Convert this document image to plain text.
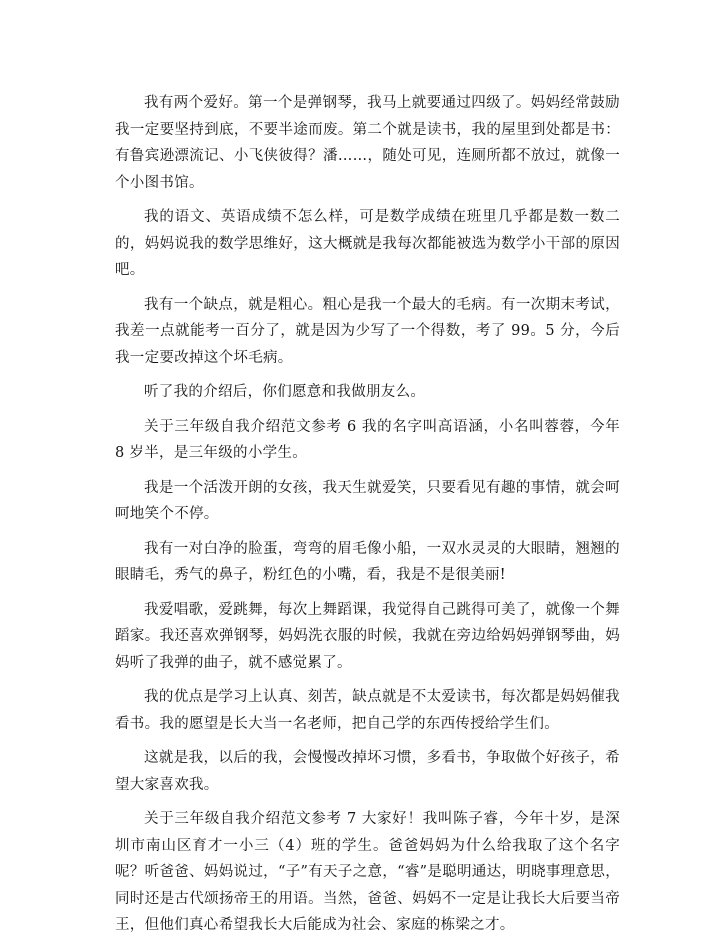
我有两个爱好。第一个是弹钢琴，我马上就要通过四级了。妈妈经常鼓励我一定要坚持到底，不要半途而废。第二个就是读书，我的屋里到处都是书：有鲁宾逊漂流记、小飞侠彼得？潘……，随处可见，连厕所都不放过，就像一个小图书馆。

我的语文、英语成绩不怎么样，可是数学成绩在班里几乎都是数一数二的，妈妈说我的数学思维好，这大概就是我每次都能被选为数学小干部的原因吧。

我有一个缺点，就是粗心。粗心是我一个最大的毛病。有一次期末考试，我差一点就能考一百分了，就是因为少写了一个得数，考了 99。5 分，今后我一定要改掉这个坏毛病。

听了我的介绍后，你们愿意和我做朋友么。

关于三年级自我介绍范文参考 6 我的名字叫高语涵，小名叫蓉蓉，今年 8 岁半，是三年级的小学生。

我是一个活泼开朗的女孩，我天生就爱笑，只要看见有趣的事情，就会呵呵地笑个不停。

我有一对白净的脸蛋，弯弯的眉毛像小船，一双水灵灵的大眼睛，翘翘的眼睛毛，秀气的鼻子，粉红色的小嘴，看，我是不是很美丽!

我爱唱歌，爱跳舞，每次上舞蹈课，我觉得自己跳得可美了，就像一个舞蹈家。我还喜欢弹钢琴，妈妈洗衣服的时候，我就在旁边给妈妈弹钢琴曲，妈妈听了我弹的曲子，就不感觉累了。

我的优点是学习上认真、刻苦，缺点就是不太爱读书，每次都是妈妈催我看书。我的愿望是长大当一名老师，把自己学的东西传授给学生们。

这就是我，以后的我，会慢慢改掉坏习惯，多看书，争取做个好孩子，希望大家喜欢我。

关于三年级自我介绍范文参考 7 大家好！我叫陈子睿，今年十岁，是深圳市南山区育才一小三（4）班的学生。爸爸妈妈为什么给我取了这个名字呢？听爸爸、妈妈说过，“子”有天子之意，“睿”是聪明通达，明晓事理意思，同时还是古代颂扬帝王的用语。当然，爸爸、妈妈不一定是让我长大后要当帝王，但他们真心希望我长大后能成为社会、家庭的栋梁之才。
